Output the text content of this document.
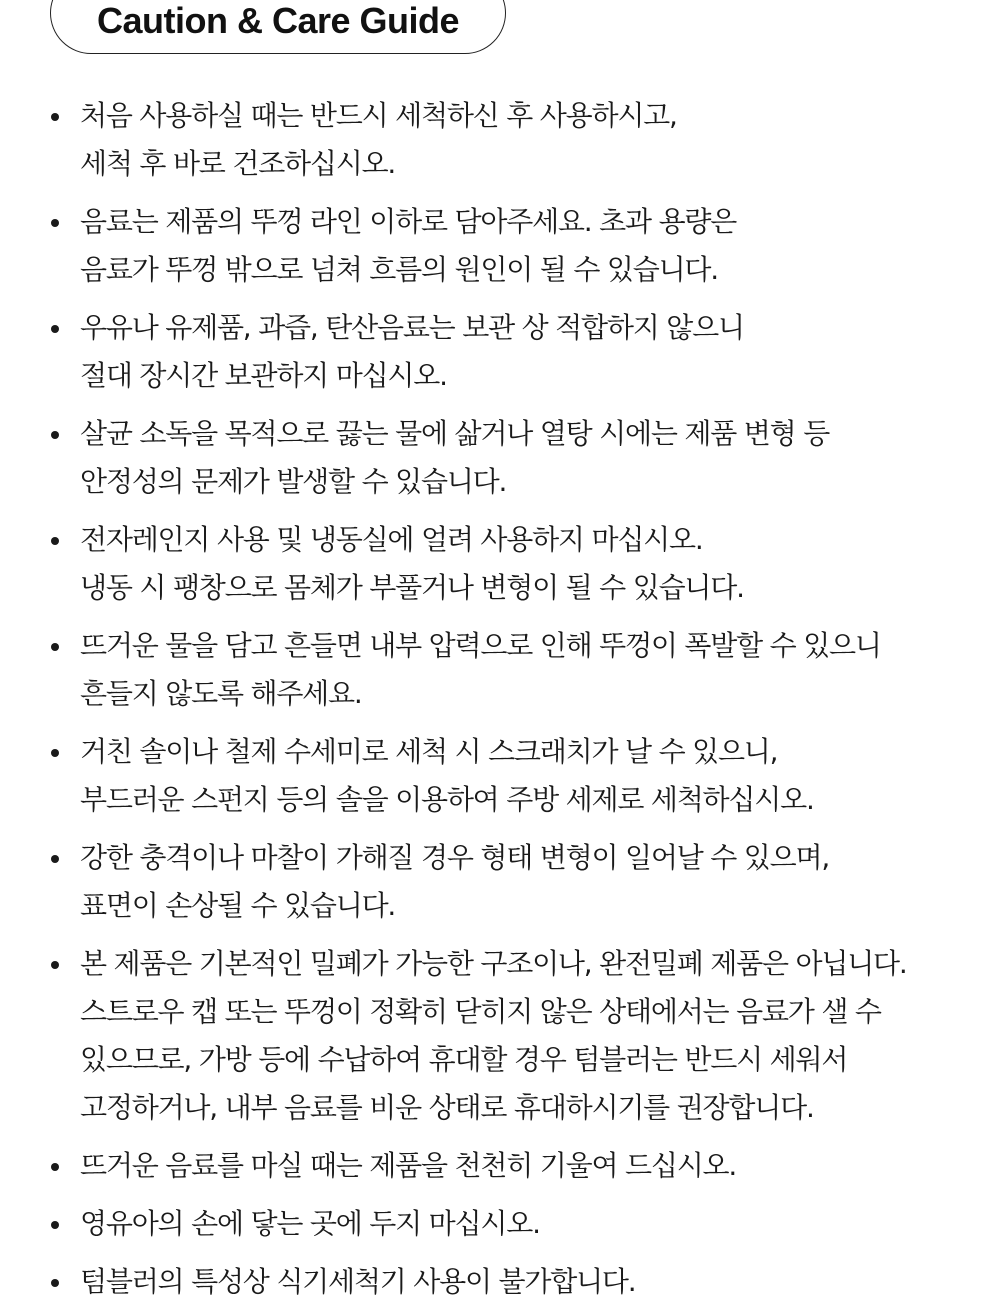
Caution & Care Guide
처음 사용하실 때는 반드시 세척하신 후 사용하시고,
세척 후 바로 건조하십시오.
음료는 제품의 뚜껑 라인 이하로 담아주세요. 초과 용량은
음료가 뚜껑 밖으로 넘쳐 흐름의 원인이 될 수 있습니다.
우유나 유제품, 과즙, 탄산음료는 보관 상 적합하지 않으니
절대 장시간 보관하지 마십시오.
살균 소독을 목적으로 끓는 물에 삶거나 열탕 시에는 제품 변형 등
안정성의 문제가 발생할 수 있습니다.
전자레인지 사용 및 냉동실에 얼려 사용하지 마십시오.
냉동 시 팽창으로 몸체가 부풀거나 변형이 될 수 있습니다.
뜨거운 물을 담고 흔들면 내부 압력으로 인해 뚜껑이 폭발할 수 있으니
흔들지 않도록 해주세요.
거친 솔이나 철제 수세미로 세척 시 스크래치가 날 수 있으니,
부드러운 스펀지 등의 솔을 이용하여 주방 세제로 세척하십시오.
강한 충격이나 마찰이 가해질 경우 형태 변형이 일어날 수 있으며,
표면이 손상될 수 있습니다.
본 제품은 기본적인 밀폐가 가능한 구조이나, 완전밀폐 제품은 아닙니다.
스트로우 캡 또는 뚜껑이 정확히 닫히지 않은 상태에서는 음료가 샐 수
있으므로, 가방 등에 수납하여 휴대할 경우 텀블러는 반드시 세워서
고정하거나, 내부 음료를 비운 상태로 휴대하시기를 권장합니다.
뜨거운 음료를 마실 때는 제품을 천천히 기울여 드십시오.
영유아의 손에 닿는 곳에 두지 마십시오.
텀블러의 특성상 식기세척기 사용이 불가합니다.
